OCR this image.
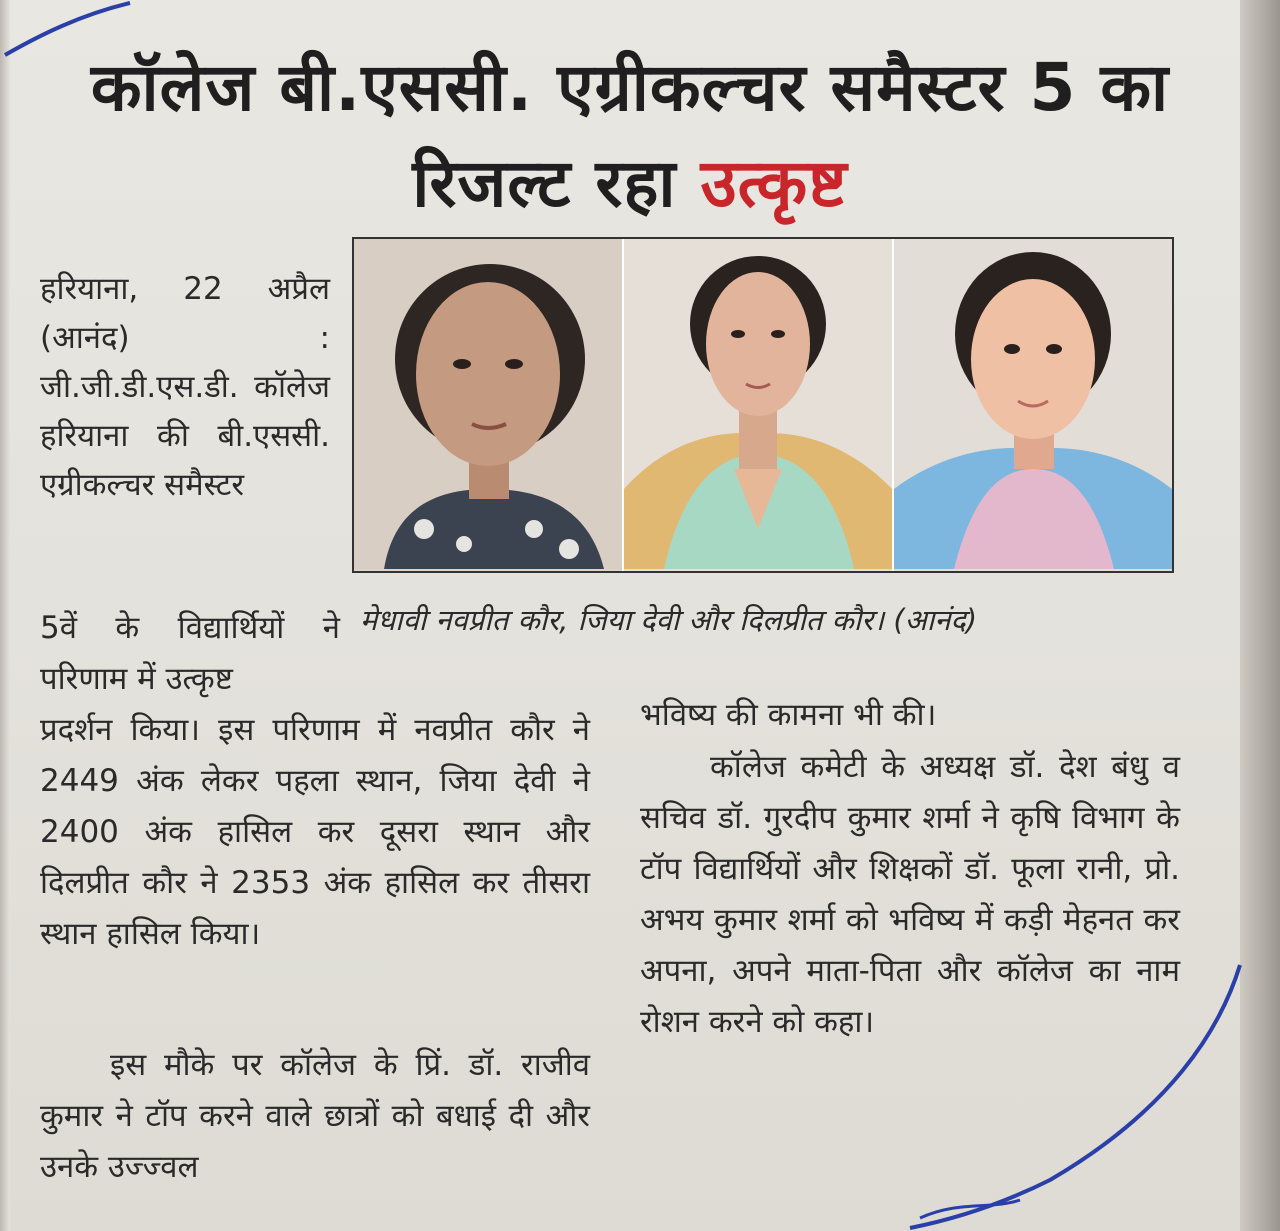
कॉलेज बी.एससी. एग्रीकल्चर समैस्टर 5 का रिजल्ट रहा उत्कृष्ट
हरियाना, 22 अप्रैल (आनंद) : जी.जी.डी.एस.डी. कॉलेज हरियाना की बी.एससी. एग्रीकल्चर समैस्टर
5वें के विद्यार्थियों ने परिणाम में उत्कृष्ट
मेधावी नवप्रीत कौर, जिया देवी और दिलप्रीत कौर। (आनंद)
प्रदर्शन किया। इस परिणाम में नवप्रीत कौर ने 2449 अंक लेकर पहला स्थान, जिया देवी ने 2400 अंक हासिल कर दूसरा स्थान और दिलप्रीत कौर ने 2353 अंक हासिल कर तीसरा स्थान हासिल किया।
इस मौके पर कॉलेज के प्रिं. डॉ. राजीव कुमार ने टॉप करने वाले छात्रों को बधाई दी और उनके उज्ज्वल
भविष्य की कामना भी की।
कॉलेज कमेटी के अध्यक्ष डॉ. देश बंधु व सचिव डॉ. गुरदीप कुमार शर्मा ने कृषि विभाग के टॉप विद्यार्थियों और शिक्षकों डॉ. फूला रानी, प्रो. अभय कुमार शर्मा को भविष्य में कड़ी मेहनत कर अपना, अपने माता-पिता और कॉलेज का नाम रोशन करने को कहा।
